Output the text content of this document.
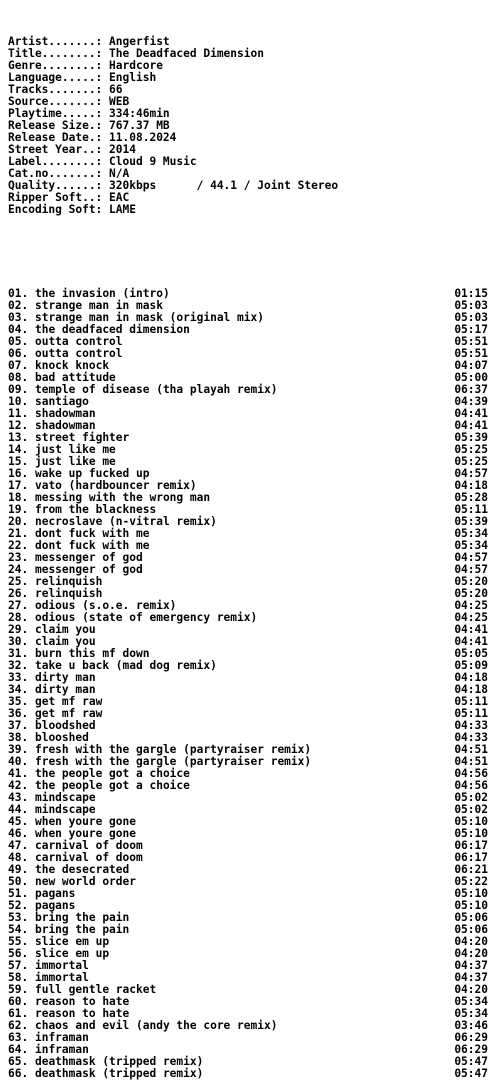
Artist.......: Angerfist
Title........: The Deadfaced Dimension
Genre........: Hardcore
Language.....: English
Tracks.......: 66
Source.......: WEB
Playtime.....: 334:46min
Release Size.: 767.37 MB
Release Date.: 11.08.2024
Street Year..: 2014
Label........: Cloud 9 Music
Cat.no.......: N/A
Quality......: 320kbps      / 44.1 / Joint Stereo
Ripper Soft..: EAC
Encoding Soft: LAME

01. the invasion (intro)	01:15
02. strange man in mask	05:03
03. strange man in mask (original mix)	05:03
04. the deadfaced dimension	05:17
05. outta control	05:51
06. outta control	05:51
07. knock knock	04:07
08. bad attitude	05:00
09. temple of disease (tha playah remix)	06:37
10. santiago	04:39
11. shadowman	04:41
12. shadowman	04:41
13. street fighter	05:39
14. just like me	05:25
15. just like me	05:25
16. wake up fucked up	04:57
17. vato (hardbouncer remix)	04:18
18. messing with the wrong man	05:28
19. from the blackness	05:11
20. necroslave (n-vitral remix)	05:39
21. dont fuck with me	05:34
22. dont fuck with me	05:34
23. messenger of god	04:57
24. messenger of god	04:57
25. relinquish	05:20
26. relinquish	05:20
27. odious (s.o.e. remix)	04:25
28. odious (state of emergency remix)	04:25
29. claim you	04:41
30. claim you	04:41
31. burn this mf down	05:05
32. take u back (mad dog remix)	05:09
33. dirty man	04:18
34. dirty man	04:18
35. get mf raw	05:11
36. get mf raw	05:11
37. bloodshed	04:33
38. blooshed	04:33
39. fresh with the gargle (partyraiser remix)	04:51
40. fresh with the gargle (partyraiser remix)	04:51
41. the people got a choice	04:56
42. the people got a choice	04:56
43. mindscape	05:02
44. mindscape	05:02
45. when youre gone	05:10
46. when youre gone	05:10
47. carnival of doom	06:17
48. carnival of doom	06:17
49. the desecrated	06:21
50. new world order	05:22
51. pagans	05:10
52. pagans	05:10
53. bring the pain	05:06
54. bring the pain	05:06
55. slice em up	04:20
56. slice em up	04:20
57. immortal	04:37
58. immortal	04:37
59. full gentle racket	04:20
60. reason to hate	05:34
61. reason to hate	05:34
62. chaos and evil (andy the core remix)	03:46
63. inframan	06:29
64. inframan	06:29
65. deathmask (tripped remix)	05:47
66. deathmask (tripped remix)	05:47
